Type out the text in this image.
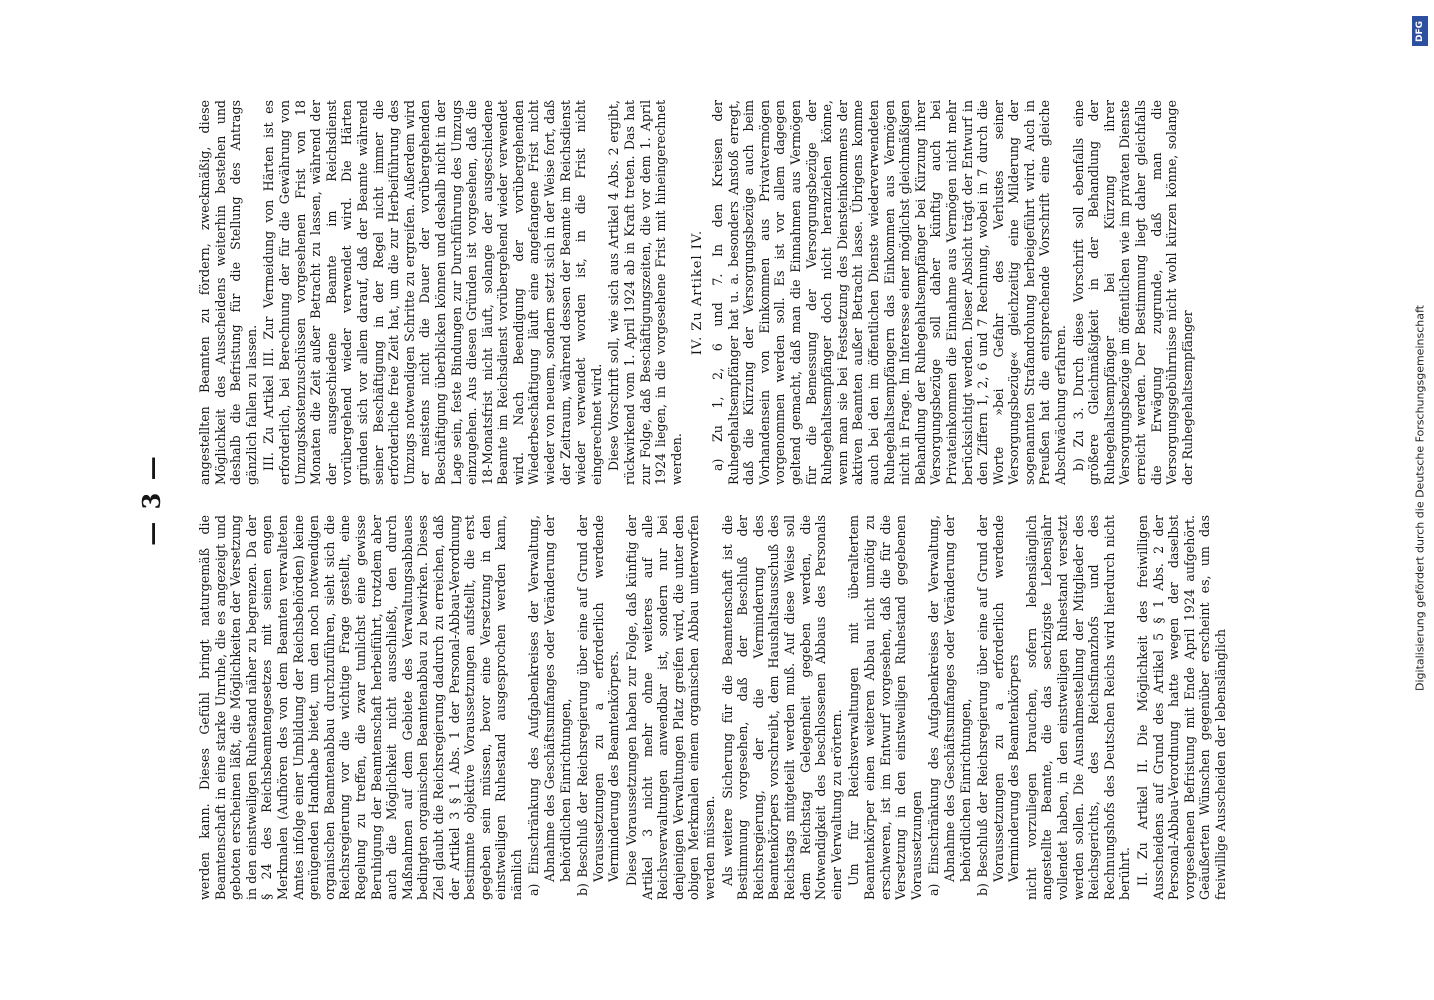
— 3 —

werden kann. Dieses Gefühl bringt naturgemäß die Beamtenschaft in eine starke Unruhe, die es angezeigt und geboten erscheinen läßt, die Möglichkeiten der Versetzung in den einstweiligen Ruhestand näher zu begrenzen. Da der § 24 des Reichsbeamtengesetzes mit seinen engen Merkmalen (Aufhören des von dem Beamten verwalteten Amtes infolge einer Umbildung der Reichsbehörden) keine genügenden Handhabe bietet, um den noch notwendigen organischen Beamtenabbau durchzuführen, sieht sich die Reichsregierung vor die wichtige Frage gestellt, eine Regelung zu treffen, die zwar tunlichst eine gewisse Beruhigung der Beamtenschaft herbeiführt, trotzdem aber auch die Möglichkeit nicht ausschließt, den durch Maßnahmen auf dem Gebiete des Verwaltungsabbaues bedingten organischen Beamtenabbau zu bewirken. Dieses Ziel glaubt die Reichsregierung dadurch zu erreichen, daß der Artikel 3 § 1 Abs. 1 der Personal-Abbau-Verordnung bestimmte objektive Voraussetzungen aufstellt, die erst gegeben sein müssen, bevor eine Versetzung in den einstweiligen Ruhestand ausgesprochen werden kann, nämlich a) Einschränkung des Aufgabenkreises der Verwaltung, Abnahme des Geschäftsumfanges oder Veränderung der behördlichen Einrichtungen, b) Beschluß der Reichsregierung über eine auf Grund der Voraussetzungen zu a erforderlich werdende Verminderung des Beamtenkörpers. Diese Voraussetzungen haben zur Folge, daß künftig der Artikel 3 nicht mehr ohne weiteres auf alle Reichsverwaltungen anwendbar ist, sondern nur bei denjenigen Verwaltungen Platz greifen wird, die unter den obigen Merkmalen einem organischen Abbau unterworfen werden müssen. Als weitere Sicherung für die Beamtenschaft ist die Bestimmung vorgesehen, daß der Beschluß der Reichsregierung, der die Verminderung des Beamtenkörpers vorschreibt, dem Haushaltsausschuß des Reichstags mitgeteilt werden muß. Auf diese Weise soll dem Reichstag Gelegenheit gegeben werden, die Notwendigkeit des beschlossenen Abbaus des Personals einer Verwaltung zu erörtern. Um für Reichsverwaltungen mit überaltertem Beamtenkörper einen weiteren Abbau nicht unnötig zu erschweren, ist im Entwurf vorgesehen, daß die für die Versetzung in den einstweiligen Ruhestand gegebenen Voraussetzungen a) Einschränkung des Aufgabenkreises der Verwaltung, Abnahme des Geschäftsumfanges oder Veränderung der behördlichen Einrichtungen, b) Beschluß der Reichsregierung über eine auf Grund der Voraussetzungen zu a erforderlich werdende Verminderung des Beamtenkörpers nicht vorzuliegen brauchen, sofern lebenslänglich angestellte Beamte, die das sechzigste Lebensjahr vollendet haben, in den einstweiligen Ruhestand versetzt werden sollen. Die Ausnahmestellung der Mitglieder des Reichsgerichts, des Reichsfinanzhofs und des Rechnungshofs des Deutschen Reichs wird hierdurch nicht berührt. II. Zu Artikel II. Die Möglichkeit des freiwilligen Ausscheidens auf Grund des Artikel 5 § 1 Abs. 2 der Personal-Abbau-Verordnung hatte wegen der daselbst vorgesehenen Befristung mit Ende April 1924 aufgehört. Geäußerten Wünschen gegenüber erscheint es, um das freiwillige Ausscheiden der lebenslänglich

angestellten Beamten zu fördern, zweckmäßig, diese Möglichkeit des Ausscheidens weiterhin bestehen und deshalb die Befristung für die Stellung des Antrags gänzlich fallen zu lassen. III. Zu Artikel III. Zur Vermeidung von Härten ist es erforderlich, bei Berechnung der für die Gewährung von Umzugskostenzuschüssen vorgesehenen Frist von 18 Monaten die Zeit außer Betracht zu lassen, während der der ausgeschiedene Beamte im Reichsdienst vorübergehend wieder verwendet wird. Die Härten gründen sich vor allem darauf, daß der Beamte während seiner Beschäftigung in der Regel nicht immer die erforderliche freie Zeit hat, um die zur Herbeiführung des Umzugs notwendigen Schritte zu ergreifen. Außerdem wird er meistens nicht die Dauer der vorübergehenden Beschäftigung überblicken können und deshalb nicht in der Lage sein, feste Bindungen zur Durchführung des Umzugs einzugehen. Aus diesen Gründen ist vorgesehen, daß die 18-Monatsfrist nicht läuft, solange der ausgeschiedene Beamte im Reichsdienst vorübergehend wieder verwendet wird. Nach Beendigung der vorübergehenden Wiederbeschäftigung läuft eine angefangene Frist nicht wieder von neuem, sondern setzt sich in der Weise fort, daß der Zeitraum, während dessen der Beamte im Reichsdienst wieder verwendet worden ist, in die Frist nicht eingerechnet wird. Diese Vorschrift soll, wie sich aus Artikel 4 Abs. 2 ergibt, rückwirkend vom 1. April 1924 ab in Kraft treten. Das hat zur Folge, daß Beschäftigungszeiten, die vor dem 1. April 1924 liegen, in die vorgesehene Frist mit hineingerechnet werden.

IV. Zu Artikel IV. a) Zu 1, 2, 6 und 7. In den Kreisen der Ruhegehaltsempfänger hat u. a. besonders Anstoß erregt, daß die Kürzung der Versorgungsbezüge auch beim Vorhandensein von Einkommen aus Privatvermögen vorgenommen werden soll. Es ist vor allem dagegen geltend gemacht, daß man die Einnahmen aus Vermögen für die Bemessung der Versorgungsbezüge der Ruhegehaltsempfänger doch nicht heranziehen könne, wenn man sie bei Festsetzung des Diensteinkommens der aktiven Beamten außer Betracht lasse. Übrigens komme auch bei den im öffentlichen Dienste wiederverwendeten Ruhegehaltsempfängern das Einkommen aus Vermögen nicht in Frage. Im Interesse einer möglichst gleichmäßigen Behandlung der Ruhegehaltsempfänger bei Kürzung ihrer Versorgungsbezüge soll daher künftig auch bei Privateinkommen die Einnahme aus Vermögen nicht mehr berücksichtigt werden. Dieser Absicht trägt der Entwurf in den Ziffern 1, 2, 6 und 7 Rechnung, wobei in 7 durch die Worte »bei Gefahr des Verlustes seiner Versorgungsbezüge« gleichzeitig eine Milderung der sogenannten Strafandrohung herbeigeführt wird. Auch in Preußen hat die entsprechende Vorschrift eine gleiche Abschwächung erfahren. b) Zu 3. Durch diese Vorschrift soll ebenfalls eine größere Gleichmäßigkeit in der Behandlung der Ruhegehaltsempfänger bei Kürzung ihrer Versorgungsbezüge im öffentlichen wie im privaten Dienste erreicht werden. Der Bestimmung liegt daher gleichfalls die Erwägung zugrunde, daß man die Versorgungsgebührnisse nicht wohl kürzen könne, solange der Ruhegehaltsempfänger

DFG
Digitalisierung gefördert durch die Deutsche Forschungsgemeinschaft
